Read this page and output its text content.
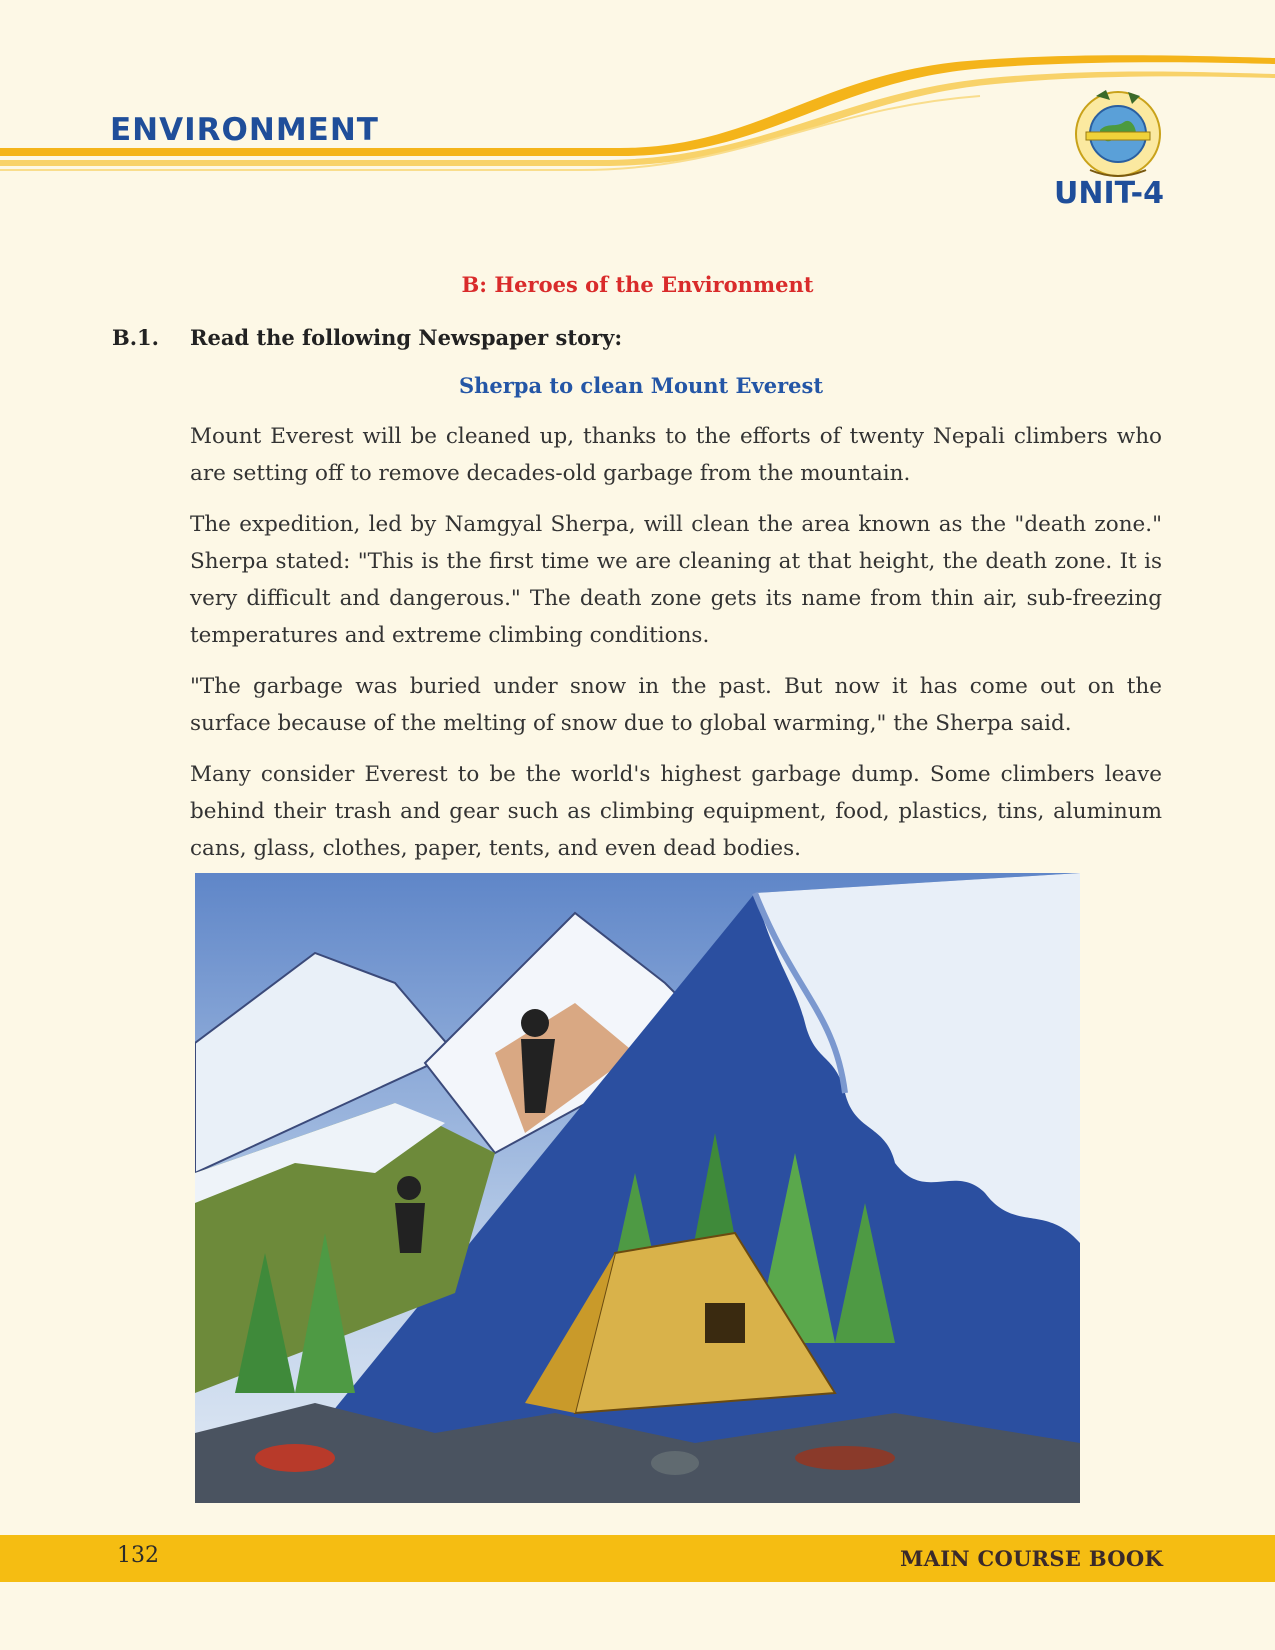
ENVIRONMENT
UNIT-4
B: Heroes of the Environment
B.1. Read the following Newspaper story:
Sherpa to clean Mount Everest

Mount Everest will be cleaned up, thanks to the efforts of twenty Nepali climbers who are setting off to remove decades-old garbage from the mountain.

The expedition, led by Namgyal Sherpa, will clean the area known as the "death zone." Sherpa stated: "This is the first time we are cleaning at that height, the death zone. It is very difficult and dangerous." The death zone gets its name from thin air, sub-freezing temperatures and extreme climbing conditions.

"The garbage was buried under snow in the past. But now it has come out on the surface because of the melting of snow due to global warming," the Sherpa said.

Many consider Everest to be the world's highest garbage dump. Some climbers leave behind their trash and gear such as climbing equipment, food, plastics, tins, aluminum cans, glass, clothes, paper, tents, and even dead bodies.

132	MAIN COURSE BOOK
